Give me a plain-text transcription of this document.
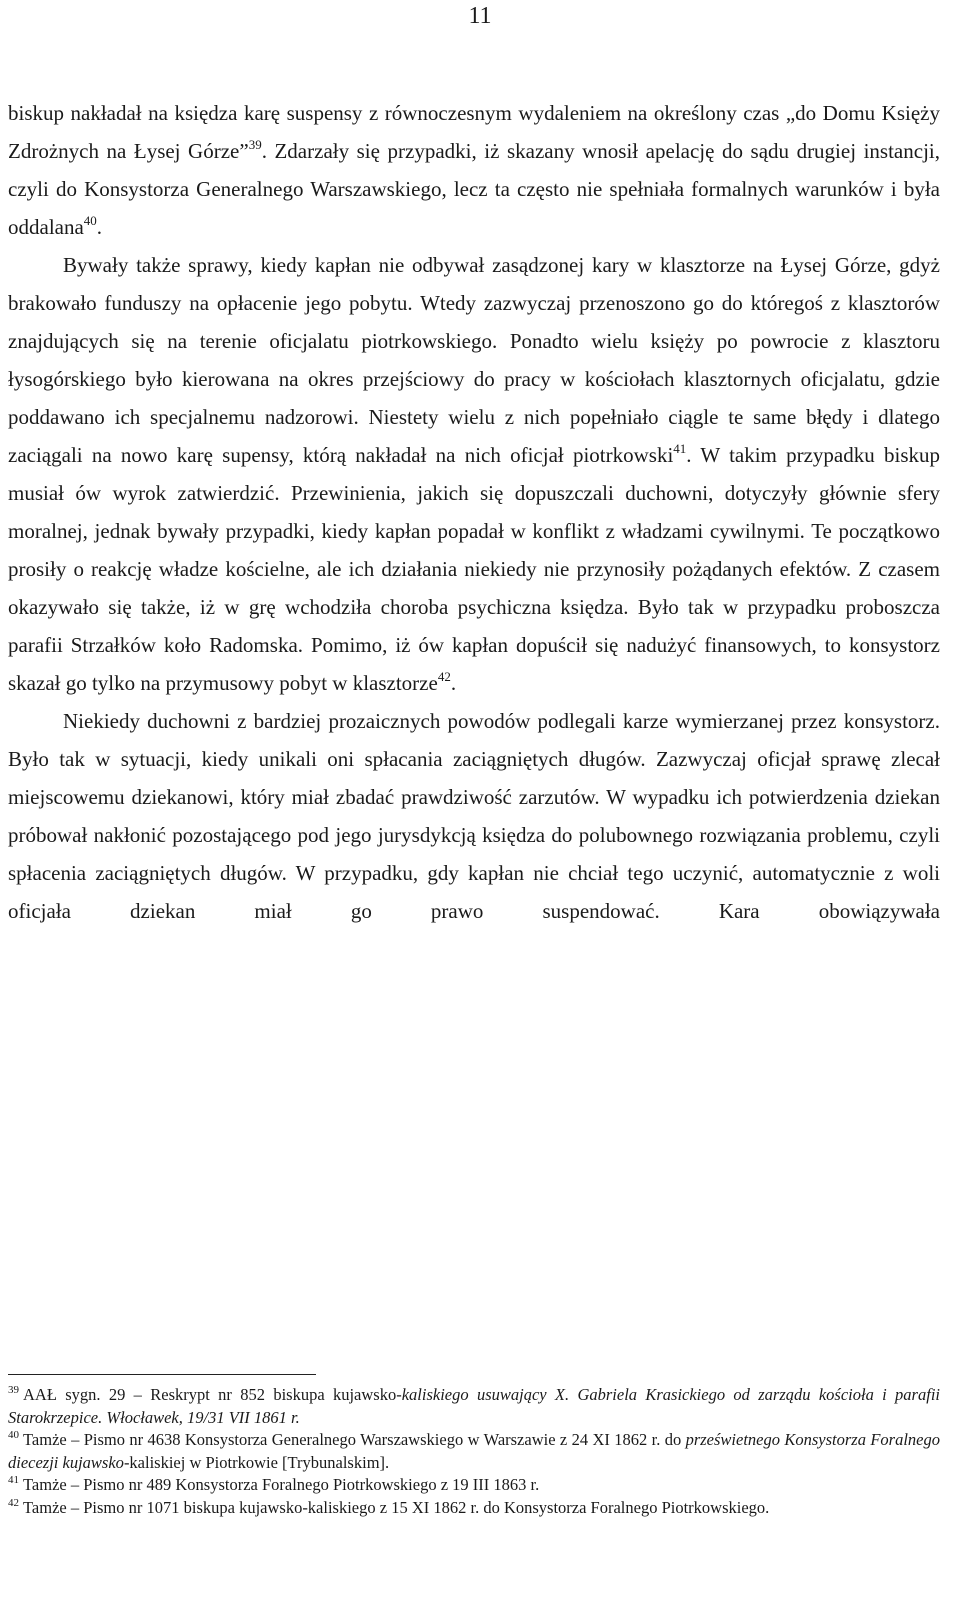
11

biskup nakładał na księdza karę suspensy z równoczesnym wydaleniem na określony czas „do Domu Księży Zdrożnych na Łysej Górze”$^{39}$. Zdarzały się przypadki, iż skazany wnosił apelację do sądu drugiej instancji, czyli do Konsystorza Generalnego Warszawskiego, lecz ta często nie spełniała formalnych warunków i była oddalana$^{40}$.

Bywały także sprawy, kiedy kapłan nie odbywał zasądzonej kary w klasztorze na Łysej Górze, gdyż brakowało funduszy na opłacenie jego pobytu. Wtedy zazwyczaj przenoszono go do któregoś z klasztorów znajdujących się na terenie oficjalatu piotrkowskiego. Ponadto wielu księży po powrocie z klasztoru łysogórskiego było kierowana na okres przejściowy do pracy w kościołach klasztornych oficjalatu, gdzie poddawano ich specjalnemu nadzorowi. Niestety wielu z nich popełniało ciągle te same błędy i dlatego zaciągali na nowo karę supensy, którą nakładał na nich oficjał piotrkowski$^{41}$. W takim przypadku biskup musiał ów wyrok zatwierdzić. Przewinienia, jakich się dopuszczali duchowni, dotyczyły głównie sfery moralnej, jednak bywały przypadki, kiedy kapłan popadał w konflikt z władzami cywilnymi. Te początkowo prosiły o reakcję władze kościelne, ale ich działania niekiedy nie przynosiły pożądanych efektów. Z czasem okazywało się także, iż w grę wchodziła choroba psychiczna księdza. Było tak w przypadku proboszcza parafii Strzałków koło Radomska. Pomimo, iż ów kapłan dopuścił się nadużyć finansowych, to konsystorz skazał go tylko na przymusowy pobyt w klasztorze$^{42}$.

Niekiedy duchowni z bardziej prozaicznych powodów podlegali karze wymierzanej przez konsystorz. Było tak w sytuacji, kiedy unikali oni spłacania zaciągniętych długów. Zazwyczaj oficjał sprawę zlecał miejscowemu dziekanowi, który miał zbadać prawdziwość zarzutów. W wypadku ich potwierdzenia dziekan próbował nakłonić pozostającego pod jego jurysdykcją księdza do polubownego rozwiązania problemu, czyli spłacenia zaciągniętych długów. W przypadku, gdy kapłan nie chciał tego uczynić, automatycznie z woli oficjała dziekan miał go prawo suspendować. Kara obowiązywała

$^{39}$ AAŁ sygn. 29 – Reskrypt nr 852 biskupa kujawsko-kaliskiego usuwający X. Gabriela Krasickiego od zarządu kościoła i parafii Starokrzepice. Włocławek, 19/31 VII 1861 r.

$^{40}$ Tamże – Pismo nr 4638 Konsystorza Generalnego Warszawskiego w Warszawie z 24 XI 1862 r. do prześwietnego Konsystorza Foralnego diecezji kujawsko-kaliskiej w Piotrkowie [Trybunalskim].

$^{41}$ Tamże – Pismo nr 489 Konsystorza Foralnego Piotrkowskiego z 19 III 1863 r.

$^{42}$ Tamże – Pismo nr 1071 biskupa kujawsko-kaliskiego z 15 XI 1862 r. do Konsystorza Foralnego Piotrkowskiego.
